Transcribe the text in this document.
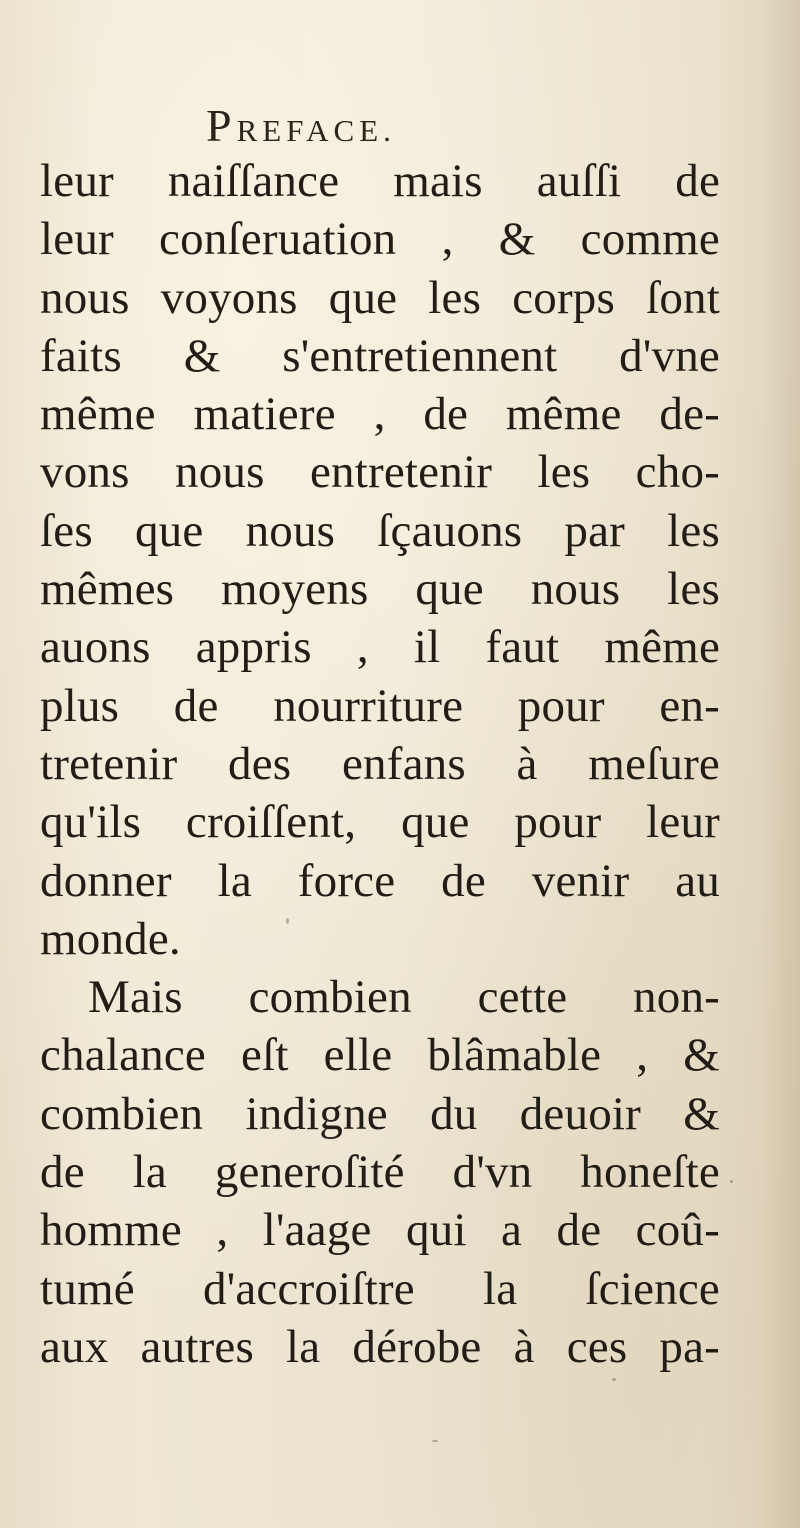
PREFACE.
leur naiſſance mais auſſi de
leur conſeruation , & comme
nous voyons que les corps ſont
faits & s'entretiennent d'vne
même matiere , de même de-
vons nous entretenir les cho-
ſes que nous ſçauons par les
mêmes moyens que nous les
auons appris , il faut même
plus de nourriture pour en-
tretenir des enfans à meſure
qu'ils croiſſent, que pour leur
donner la force de venir au
monde.
Mais combien cette non-
chalance eſt elle blâmable , &
combien indigne du deuoir &
de la generoſité d'vn honeſte
homme , l'aage qui a de coû-
tumé d'accroiſtre la ſcience
aux autres la dérobe à ces pa-
